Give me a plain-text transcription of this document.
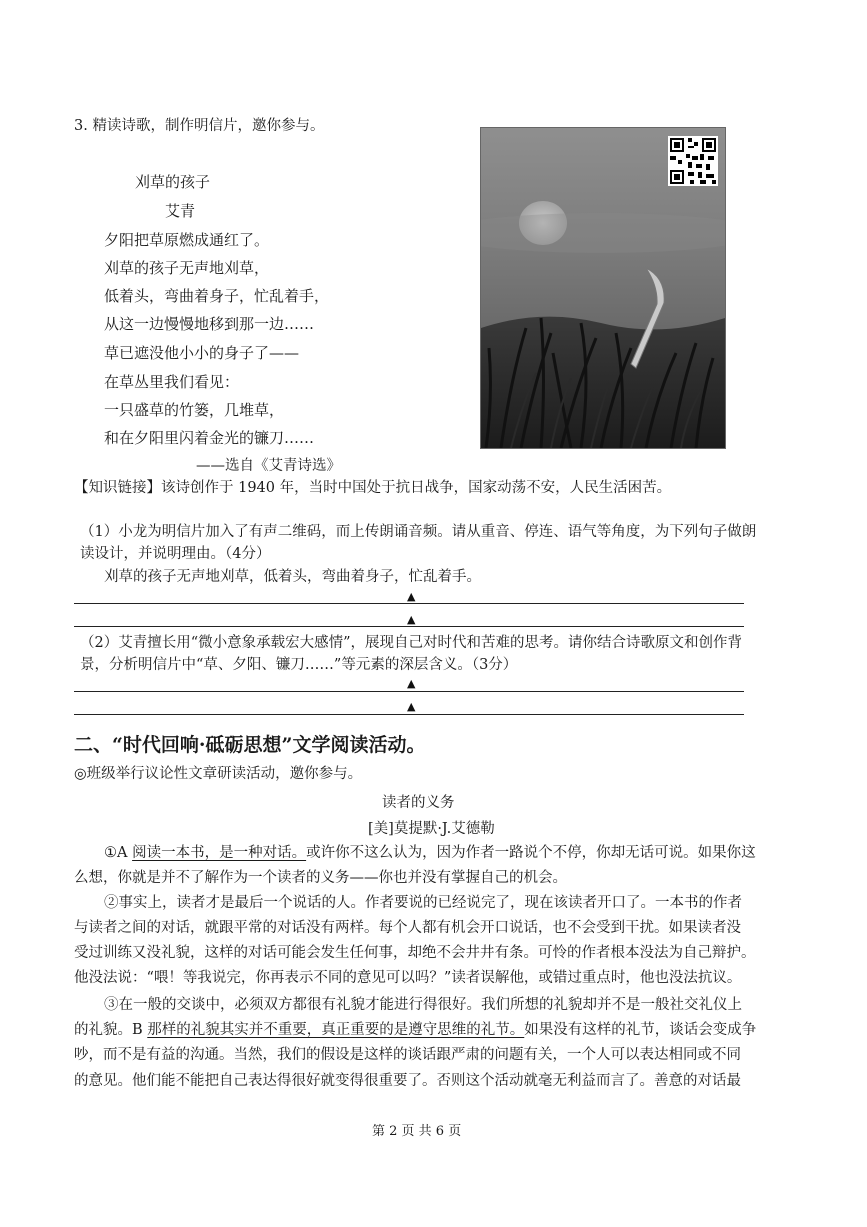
3. 精读诗歌，制作明信片，邀你参与。
刈草的孩子
艾青
夕阳把草原燃成通红了。
刈草的孩子无声地刈草，
低着头，弯曲着身子，忙乱着手，
从这一边慢慢地移到那一边……
草已遮没他小小的身子了——
在草丛里我们看见：
一只盛草的竹篓，几堆草，
和在夕阳里闪着金光的镰刀……
——选自《艾青诗选》
【知识链接】该诗创作于 1940 年，当时中国处于抗日战争，国家动荡不安，人民生活困苦。
（1）小龙为明信片加入了有声二维码，而上传朗诵音频。请从重音、停连、语气等角度，为下列句子做朗
读设计，并说明理由。（4分）
刈草的孩子无声地刈草，低着头，弯曲着身子，忙乱着手。
▲
▲
（2）艾青擅长用“微小意象承载宏大感情”，展现自己对时代和苦难的思考。请你结合诗歌原文和创作背
景，分析明信片中“草、夕阳、镰刀……”等元素的深层含义。（3分）
▲
▲
二、“时代回响·砥砺思想”文学阅读活动。
◎班级举行议论性文章研读活动，邀你参与。
读者的义务
[美]莫提默·J.艾德勒
①A 阅读一本书，是一种对话。或许你不这么认为，因为作者一路说个不停，你却无话可说。如果你这
么想，你就是并不了解作为一个读者的义务——你也并没有掌握自己的机会。
②事实上，读者才是最后一个说话的人。作者要说的已经说完了，现在该读者开口了。一本书的作者
与读者之间的对话，就跟平常的对话没有两样。每个人都有机会开口说话，也不会受到干扰。如果读者没
受过训练又没礼貌，这样的对话可能会发生任何事，却绝不会井井有条。可怜的作者根本没法为自己辩护。
他没法说：“喂！等我说完，你再表示不同的意见可以吗？”读者误解他，或错过重点时，他也没法抗议。
③在一般的交谈中，必须双方都很有礼貌才能进行得很好。我们所想的礼貌却并不是一般社交礼仪上
的礼貌。B 那样的礼貌其实并不重要，真正重要的是遵守思维的礼节。如果没有这样的礼节，谈话会变成争
吵，而不是有益的沟通。当然，我们的假设是这样的谈话跟严肃的问题有关，一个人可以表达相同或不同
的意见。他们能不能把自己表达得很好就变得很重要了。否则这个活动就毫无利益而言了。善意的对话最
第 2 页 共 6 页
